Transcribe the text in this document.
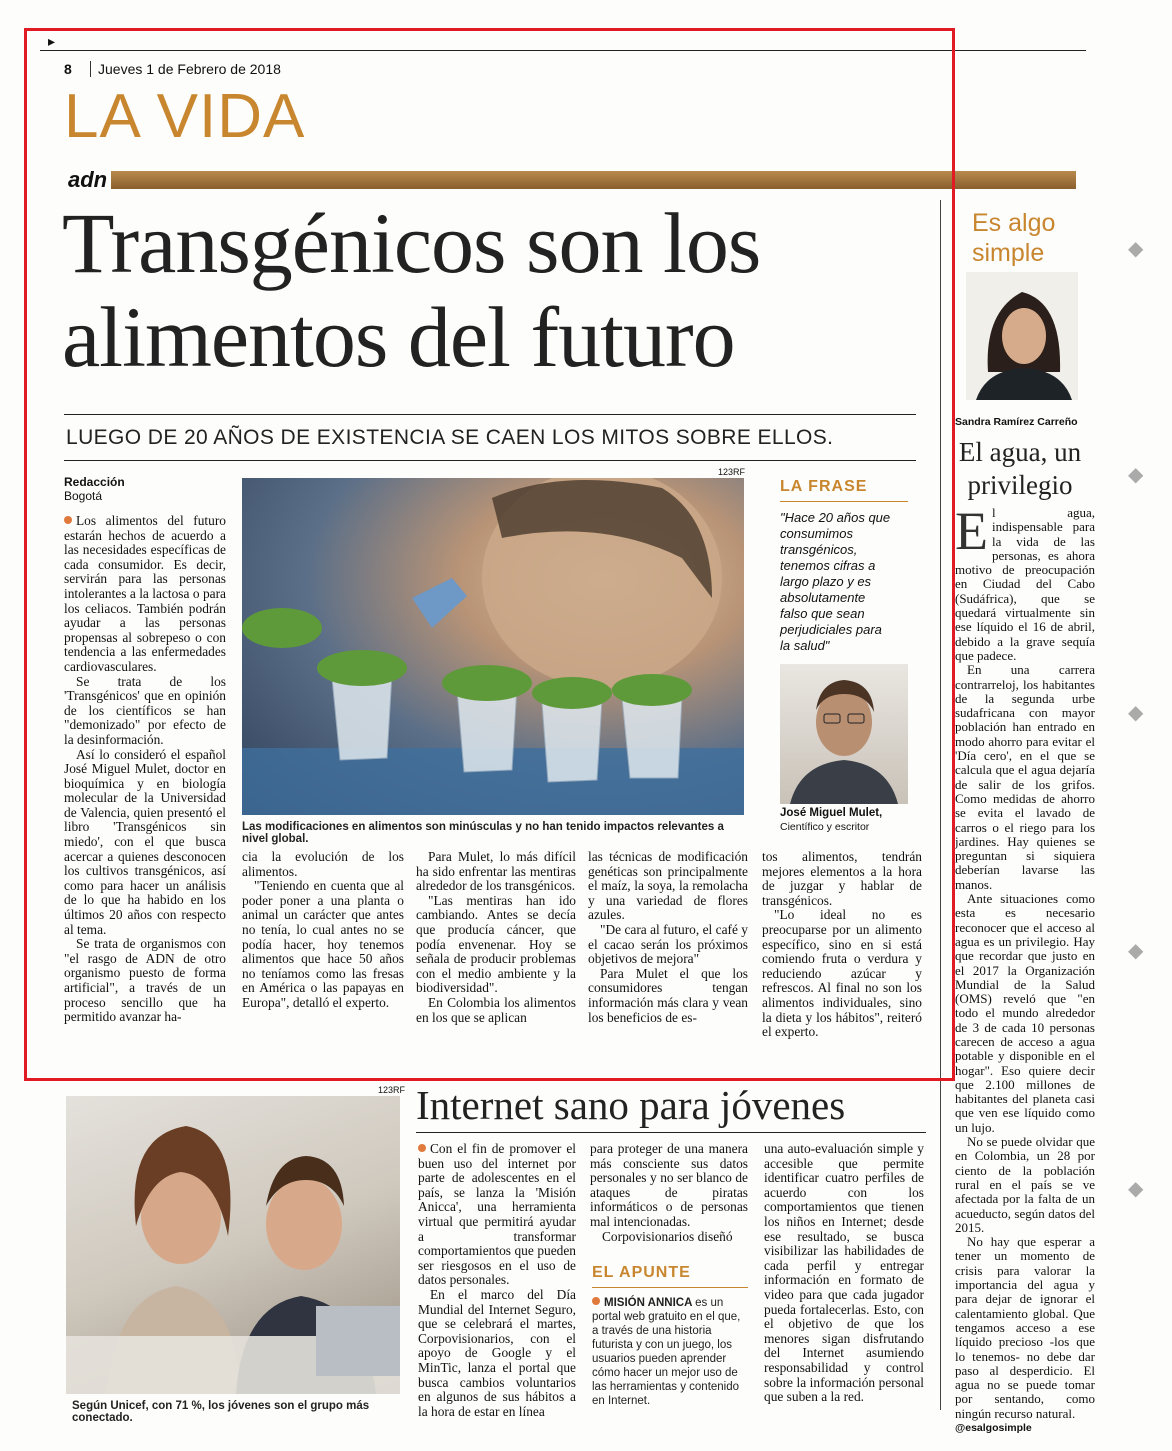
▸
8 Jueves 1 de Febrero de 2018
LA VIDA
adn
Transgénicos son los
alimentos del futuro
LUEGO DE 20 AÑOS DE EXISTENCIA SE CAEN LOS MITOS SOBRE ELLOS.
Redacción
Bogotá

Los alimentos del futuro estarán hechos de acuerdo a las necesidades específicas de cada consumidor. Es decir, servirán para las personas intolerantes a la lactosa o para los celiacos. También podrán ayudar a las personas propensas al sobrepeso o con tendencia a las enfermedades cardiovasculares.

Se trata de los 'Transgénicos' que en opinión de los científicos se han "demonizado" por efecto de la desinformación.

Así lo consideró el español José Miguel Mulet, doctor en bioquímica y en biología molecular de la Universidad de Valencia, quien presentó el libro 'Transgénicos sin miedo', con el que busca acercar a quienes desconocen los cultivos transgénicos, así como para hacer un análisis de lo que ha habido en los últimos 20 años con respecto al tema.

Se trata de organismos con "el rasgo de ADN de otro organismo puesto de forma artificial", a través de un proceso sencillo que ha permitido avanzar ha-

123RF
Las modificaciones en alimentos son minúsculas y no han tenido impactos relevantes a nivel global.
LA FRASE
"Hace 20 años que consumimos transgénicos, tenemos cifras a largo plazo y es absolutamente falso que sean perjudiciales para la salud"
José Miguel Mulet,
Científico y escritor

cia la evolución de los alimentos.

"Teniendo en cuenta que al poder poner a una planta o animal un carácter que antes no tenía, lo cual antes no se podía hacer, hoy tenemos alimentos que hace 50 años no teníamos como las fresas en América o las papayas en Europa", detalló el experto.

Para Mulet, lo más difícil ha sido enfrentar las mentiras alrededor de los transgénicos.

"Las mentiras han ido cambiando. Antes se decía que producía cáncer, que podía envenenar. Hoy se señala de producir problemas con el medio ambiente y la biodiversidad".

En Colombia los alimentos en los que se aplican

las técnicas de modificación genéticas son principalmente el maíz, la soya, la remolacha y una variedad de flores azules.

"De cara al futuro, el café y el cacao serán los próximos objetivos de mejora"

Para Mulet el que los consumidores tengan información más clara y vean los beneficios de es-

tos alimentos, tendrán mejores elementos a la hora de juzgar y hablar de transgénicos.

"Lo ideal no es preocuparse por un alimento específico, sino en si está comiendo fruta o verdura y reduciendo azúcar y refrescos. Al final no son los alimentos individuales, sino la dieta y los hábitos", reiteró el experto.

Es algo
simple
Sandra Ramírez Carreño
El agua, un privilegio

El agua, indispensable para la vida de las personas, es ahora motivo de preocupación en Ciudad del Cabo (Sudáfrica), que se quedará virtualmente sin ese líquido el 16 de abril, debido a la grave sequía que padece.

En una carrera contrarreloj, los habitantes de la segunda urbe sudafricana con mayor población han entrado en modo ahorro para evitar el 'Día cero', en el que se calcula que el agua dejaría de salir de los grifos. Como medidas de ahorro se evita el lavado de carros o el riego para los jardines. Hay quienes se preguntan si siquiera deberían lavarse las manos.

Ante situaciones como esta es necesario reconocer que el acceso al agua es un privilegio. Hay que recordar que justo en el 2017 la Organización Mundial de la Salud (OMS) reveló que "en todo el mundo alrededor de 3 de cada 10 personas carecen de acceso a agua potable y disponible en el hogar". Eso quiere decir que 2.100 millones de habitantes del planeta casi que ven ese líquido como un lujo.

No se puede olvidar que en Colombia, un 28 por ciento de la población rural en el país se ve afectada por la falta de un acueducto, según datos del 2015.

No hay que esperar a tener un momento de crisis para valorar la importancia del agua y para dejar de ignorar el calentamiento global. Que tengamos acceso a ese líquido precioso -los que lo tenemos- no debe dar paso al desperdicio. El agua no se puede tomar por sentando, como ningún recurso natural.

@esalgosimple

123RF
Según Unicef, con 71 %, los jóvenes son el grupo más conectado.
Internet sano para jóvenes

Con el fin de promover el buen uso del internet por parte de adolescentes en el país, se lanza la 'Misión Anicca', una herramienta virtual que permitirá ayudar a transformar comportamientos que pueden ser riesgosos en el uso de datos personales.

En el marco del Día Mundial del Internet Seguro, que se celebrará el martes, Corpovisionarios, con el apoyo de Google y el MinTic, lanza el portal que busca cambios voluntarios en algunos de sus hábitos a la hora de estar en línea

para proteger de una manera más consciente sus datos personales y no ser blanco de ataques de piratas informáticos o de personas mal intencionadas.

Corpovisionarios diseñó

EL APUNTE
MISIÓN ANNICA es un portal web gratuito en el que, a través de una historia futurista y con un juego, los usuarios pueden aprender cómo hacer un mejor uso de las herramientas y contenido en Internet.

una auto-evaluación simple y accesible que permite identificar cuatro perfiles de acuerdo con los comportamientos que tienen los niños en Internet; desde ese resultado, se busca visibilizar las habilidades de cada perfil y entregar información en formato de video para que cada jugador pueda fortalecerlas. Esto, con el objetivo de que los menores sigan disfrutando del Internet asumiendo responsabilidad y control sobre la información personal que suben a la red.

◆
◆
◆
◆
◆
